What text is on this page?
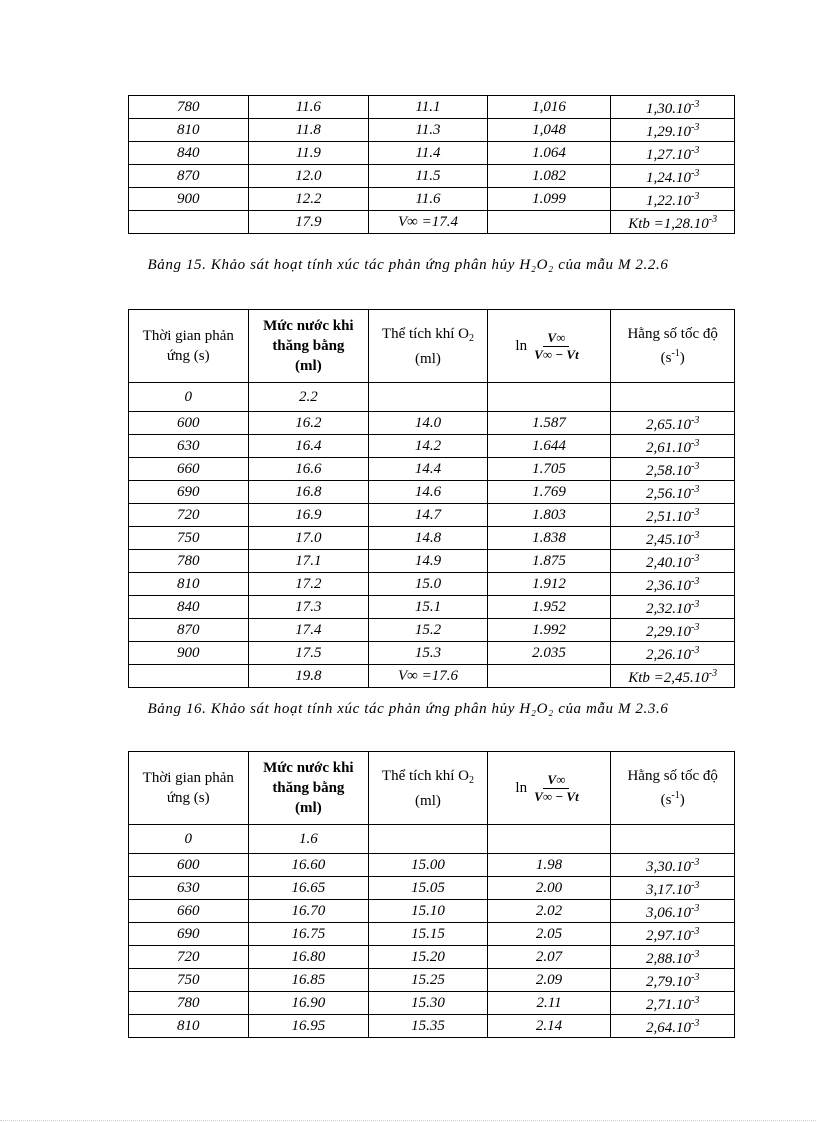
780	11.6	11.1	1,016	$1,30.10^{-3}$
810	11.8	11.3	1,048	$1,29.10^{-3}$
840	11.9	11.4	1.064	$1,27.10^{-3}$
870	12.0	11.5	1.082	$1,24.10^{-3}$
900	12.2	11.6	1.099	$1,22.10^{-3}$
	17.9	V∞ =17.4		Ktb $=1,28.10^{-3}$
Bảng 15. Khảo sát hoạt tính xúc tác phản ứng phân hủy H₂O₂ của mẫu M 2.2.6
Thời gian phản ứng (s)	Mức nước khi thăng bằng (ml)	Thể tích khí $O_2$ (ml)	$\ln \frac{V\infty}{V\infty - Vt}$	Hằng số tốc độ
$(s^{-1})$
0	2.2			
600	16.2	14.0	1.587	$2,65.10^{-3}$
630	16.4	14.2	1.644	$2,61.10^{-3}$
660	16.6	14.4	1.705	$2,58.10^{-3}$
690	16.8	14.6	1.769	$2,56.10^{-3}$
720	16.9	14.7	1.803	$2,51.10^{-3}$
750	17.0	14.8	1.838	$2,45.10^{-3}$
780	17.1	14.9	1.875	$2,40.10^{-3}$
810	17.2	15.0	1.912	$2,36.10^{-3}$
840	17.3	15.1	1.952	$2,32.10^{-3}$
870	17.4	15.2	1.992	$2,29.10^{-3}$
900	17.5	15.3	2.035	$2,26.10^{-3}$
	19.8	V∞ =17.6		Ktb $=2,45.10^{-3}$
Bảng 16. Khảo sát hoạt tính xúc tác phản ứng phân hủy H₂O₂ của mẫu M 2.3.6
Thời gian phản ứng (s)	Mức nước khi thăng bằng (ml)	Thể tích khí $O_2$ (ml)	$\ln \frac{V\infty}{V\infty - Vt}$	Hằng số tốc độ
$(s^{-1})$
0	1.6			
600	16.60	15.00	1.98	$3,30.10^{-3}$
630	16.65	15.05	2.00	$3,17.10^{-3}$
660	16.70	15.10	2.02	$3,06.10^{-3}$
690	16.75	15.15	2.05	$2,97.10^{-3}$
720	16.80	15.20	2.07	$2,88.10^{-3}$
750	16.85	15.25	2.09	$2,79.10^{-3}$
780	16.90	15.30	2.11	$2,71.10^{-3}$
810	16.95	15.35	2.14	$2,64.10^{-3}$
